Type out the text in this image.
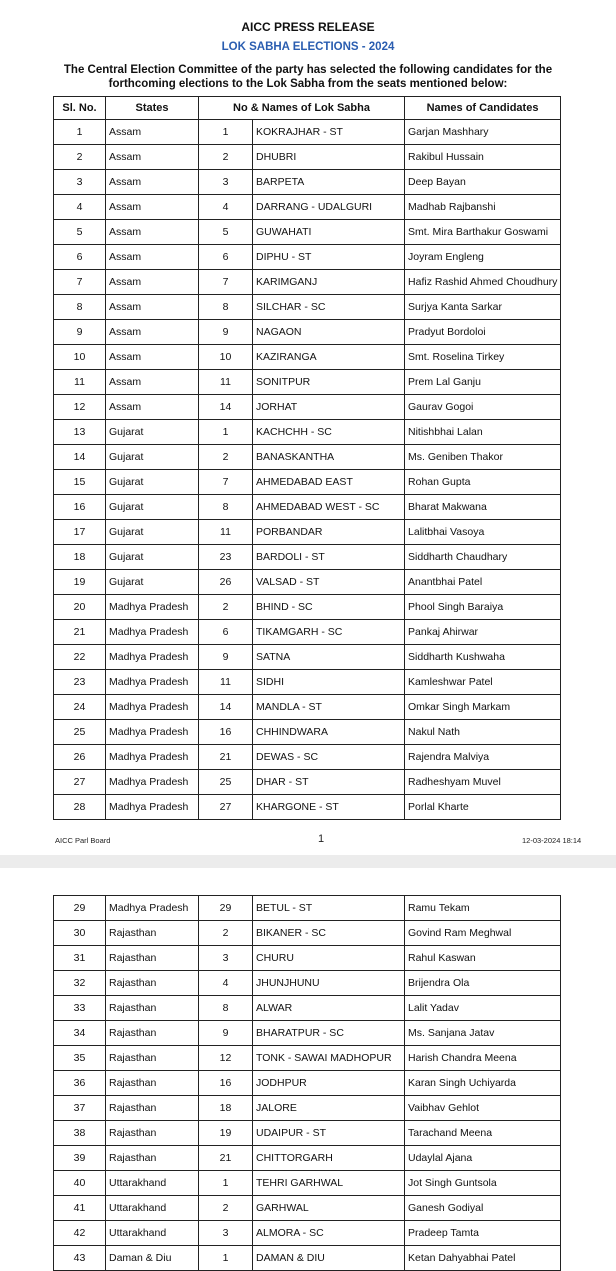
AICC PRESS RELEASE
LOK SABHA ELECTIONS - 2024
The Central Election Committee of the party has selected the following candidates for the forthcoming elections to the Lok Sabha from the seats mentioned below:
Sl. No.	States	No & Names of Lok Sabha		Names of Candidates
1	Assam	1	KOKRAJHAR - ST	Garjan Mashhary
2	Assam	2	DHUBRI	Rakibul Hussain
3	Assam	3	BARPETA	Deep Bayan
4	Assam	4	DARRANG - UDALGURI	Madhab Rajbanshi
5	Assam	5	GUWAHATI	Smt. Mira Barthakur Goswami
6	Assam	6	DIPHU - ST	Joyram Engleng
7	Assam	7	KARIMGANJ	Hafiz Rashid Ahmed Choudhury
8	Assam	8	SILCHAR - SC	Surjya Kanta Sarkar
9	Assam	9	NAGAON	Pradyut Bordoloi
10	Assam	10	KAZIRANGA	Smt. Roselina Tirkey
11	Assam	11	SONITPUR	Prem Lal Ganju
12	Assam	14	JORHAT	Gaurav Gogoi
13	Gujarat	1	KACHCHH - SC	Nitishbhai Lalan
14	Gujarat	2	BANASKANTHA	Ms. Geniben Thakor
15	Gujarat	7	AHMEDABAD EAST	Rohan Gupta
16	Gujarat	8	AHMEDABAD WEST - SC	Bharat Makwana
17	Gujarat	11	PORBANDAR	Lalitbhai Vasoya
18	Gujarat	23	BARDOLI - ST	Siddharth Chaudhary
19	Gujarat	26	VALSAD - ST	Anantbhai Patel
20	Madhya Pradesh	2	BHIND - SC	Phool Singh Baraiya
21	Madhya Pradesh	6	TIKAMGARH - SC	Pankaj Ahirwar
22	Madhya Pradesh	9	SATNA	Siddharth Kushwaha
23	Madhya Pradesh	11	SIDHI	Kamleshwar Patel
24	Madhya Pradesh	14	MANDLA - ST	Omkar Singh Markam
25	Madhya Pradesh	16	CHHINDWARA	Nakul Nath
26	Madhya Pradesh	21	DEWAS - SC	Rajendra Malviya
27	Madhya Pradesh	25	DHAR - ST	Radheshyam Muvel
28	Madhya Pradesh	27	KHARGONE - ST	Porlal Kharte
AICC Parl Board	1	12-03-2024 18:14
29	Madhya Pradesh	29	BETUL - ST	Ramu Tekam
30	Rajasthan	2	BIKANER - SC	Govind Ram Meghwal
31	Rajasthan	3	CHURU	Rahul Kaswan
32	Rajasthan	4	JHUNJHUNU	Brijendra Ola
33	Rajasthan	8	ALWAR	Lalit Yadav
34	Rajasthan	9	BHARATPUR - SC	Ms. Sanjana Jatav
35	Rajasthan	12	TONK - SAWAI MADHOPUR	Harish Chandra Meena
36	Rajasthan	16	JODHPUR	Karan Singh Uchiyarda
37	Rajasthan	18	JALORE	Vaibhav Gehlot
38	Rajasthan	19	UDAIPUR - ST	Tarachand Meena
39	Rajasthan	21	CHITTORGARH	Udaylal Ajana
40	Uttarakhand	1	TEHRI GARHWAL	Jot Singh Guntsola
41	Uttarakhand	2	GARHWAL	Ganesh Godiyal
42	Uttarakhand	3	ALMORA - SC	Pradeep Tamta
43	Daman & Diu	1	DAMAN & DIU	Ketan Dahyabhai Patel
